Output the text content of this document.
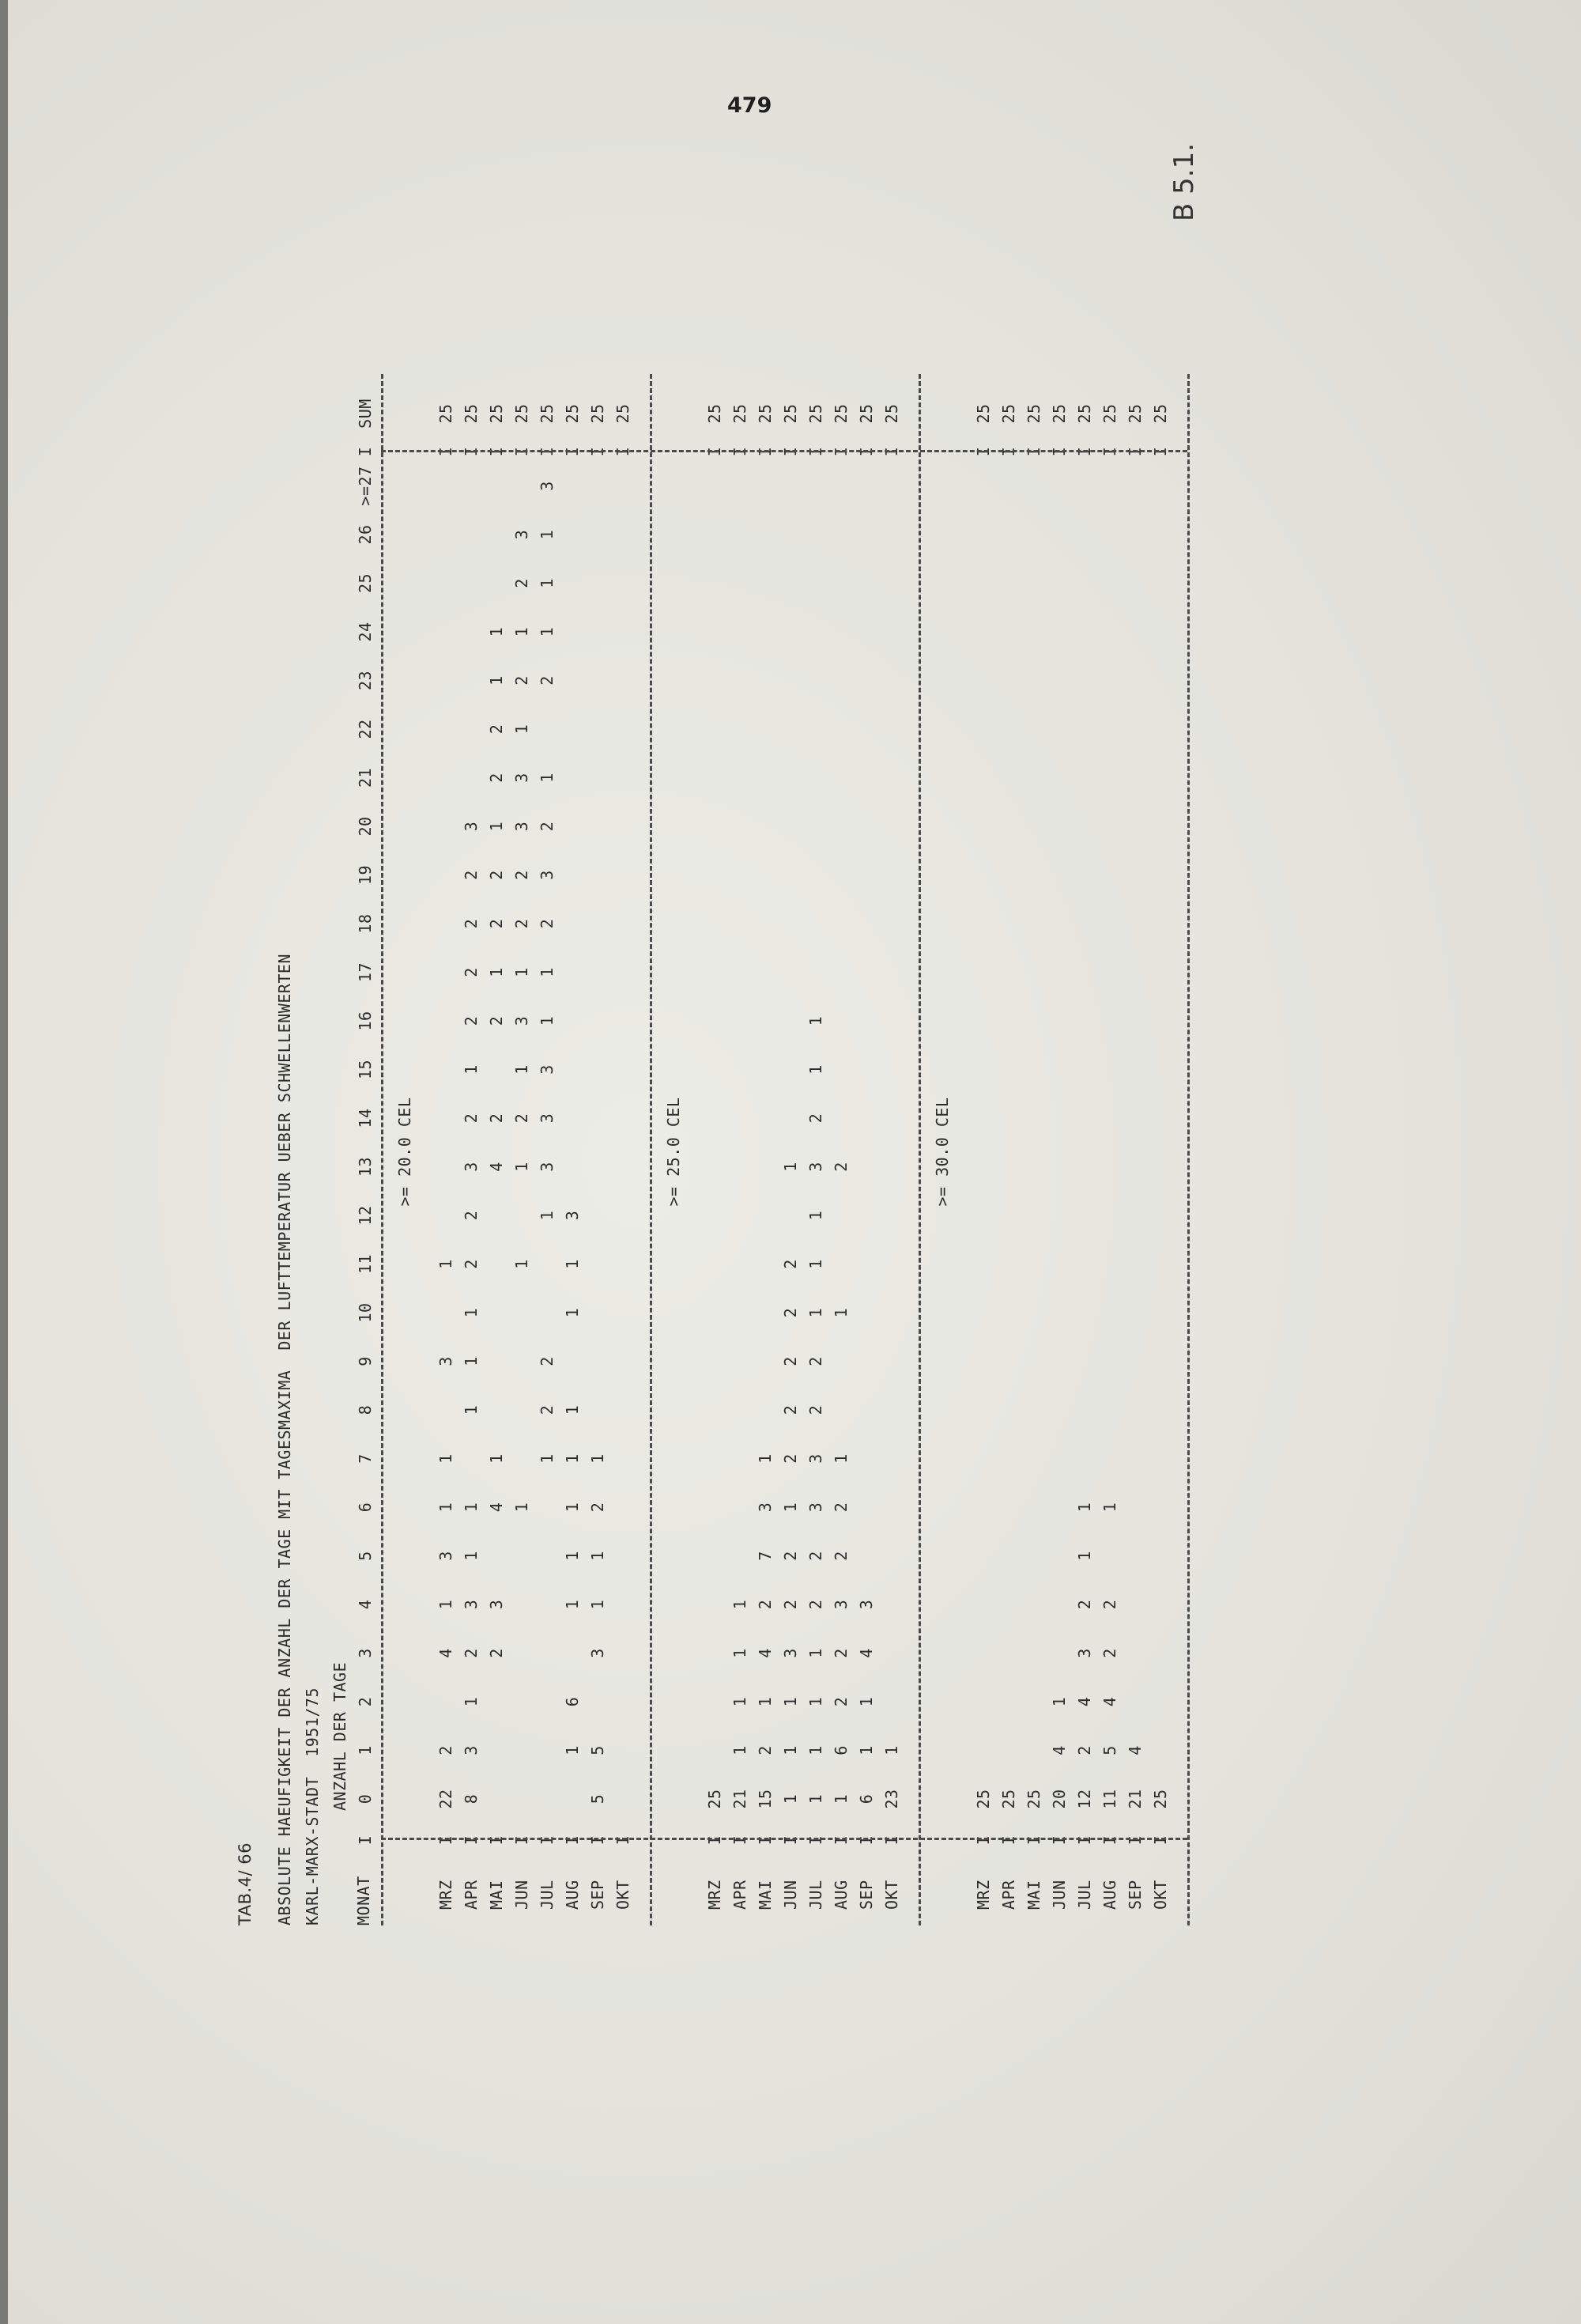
479
B 5.1.
TAB.4/ 66 ABSOLUTE HAEUFIGKEIT DER ANZAHL DER TAGE MIT TAGESMAXIMA  DER LUFTTEMPERATUR UEBER SCHWELLENWERTEN KARL-MARX-STADT  1951/75 ANZAHL DER TAGE
MONAT
0
1
2
3
4
5
6
7
8
9
10
11
12
13
14
15
16
17
18
19
20
21
22
23
24
25
26
>=27
SUM
I
I
>= 20.0 CEL
MRZ
I
22
2
4
1
3
1
1
3
1
I
25
APR
I
8
3
1
2
3
1
1
1
1
1
2
2
3
2
1
2
2
2
2
3
I
25
MAI
I
2
3
4
1
4
2
2
1
2
2
1
2
2
1
1
I
25
JUN
I
1
1
1
2
1
3
1
2
2
3
3
1
2
1
2
3
I
25
JUL
I
1
2
2
1
3
3
3
1
1
2
3
2
1
2
1
1
1
3
I
25
AUG
I
1
6
1
1
1
1
1
1
1
3
I
25
SEP
I
5
5
3
1
1
2
1
I
25
OKT
I
I
25
>= 25.0 CEL
MRZ
I
25
I
25
APR
I
21
1
1
1
1
I
25
MAI
I
15
2
1
4
2
7
3
1
I
25
JUN
I
1
1
1
3
2
2
1
2
2
2
2
2
1
I
25
JUL
I
1
1
1
1
2
2
3
3
2
2
1
1
1
3
2
1
1
I
25
AUG
I
1
6
2
2
3
2
2
1
1
2
I
25
SEP
I
6
1
1
4
3
I
25
OKT
I
23
1
I
25
>= 30.0 CEL
MRZ
I
25
I
25
APR
I
25
I
25
MAI
I
25
I
25
JUN
I
20
4
1
I
25
JUL
I
12
2
4
3
2
1
1
I
25
AUG
I
11
5
4
2
2
1
I
25
SEP
I
21
4
I
25
OKT
I
25
I
25
